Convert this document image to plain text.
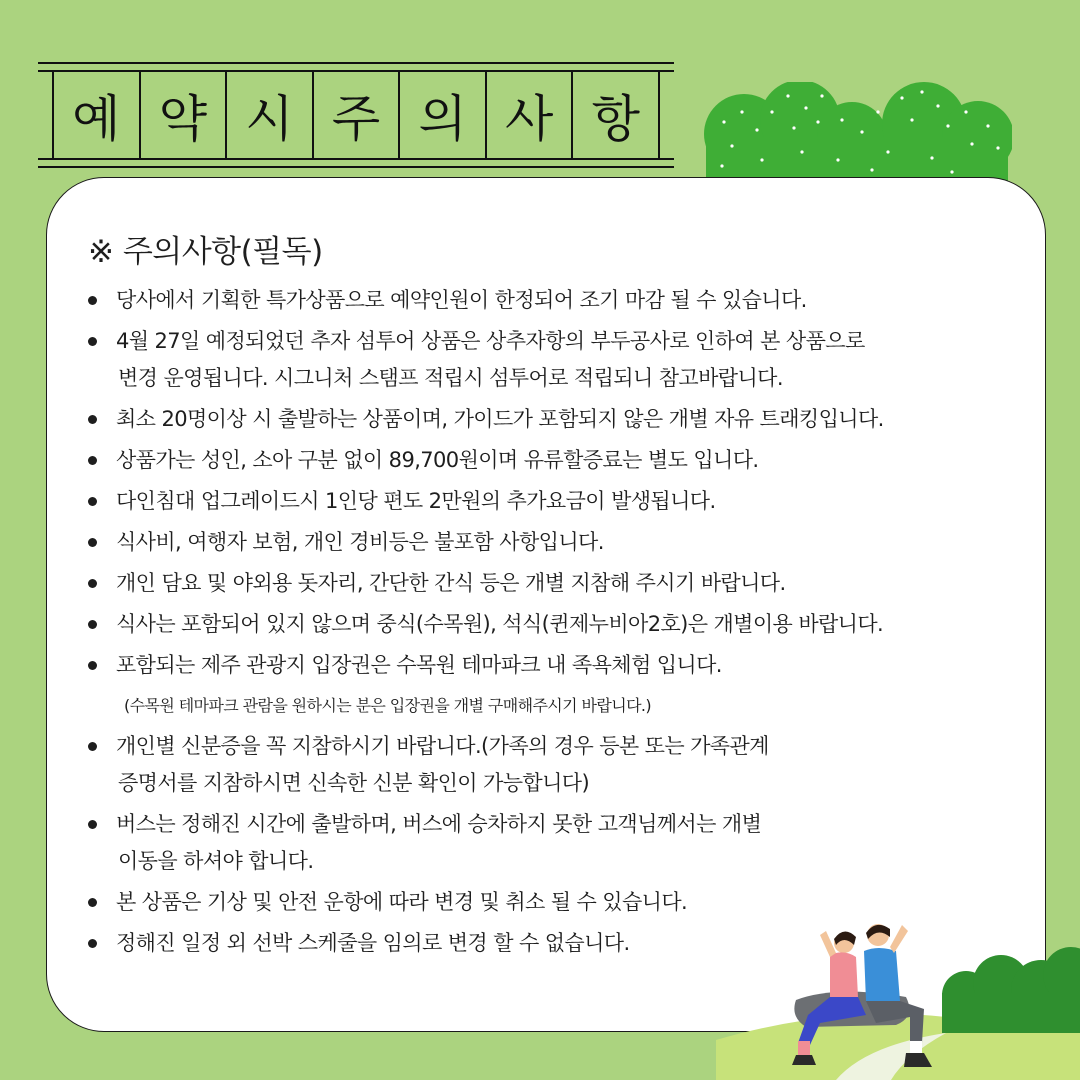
예 약 시 주 의 사 항
※ 주의사항(필독)
당사에서 기획한 특가상품으로 예약인원이 한정되어 조기 마감 될 수 있습니다.
4월 27일 예정되었던 추자 섬투어 상품은 상추자항의 부두공사로 인하여 본 상품으로
변경 운영됩니다. 시그니처 스탬프 적립시 섬투어로 적립되니 참고바랍니다.
최소 20명이상 시 출발하는 상품이며, 가이드가 포함되지 않은 개별 자유 트래킹입니다.
상품가는 성인, 소아 구분 없이 89,700원이며 유류할증료는 별도 입니다.
다인침대 업그레이드시 1인당 편도 2만원의 추가요금이 발생됩니다.
식사비, 여행자 보험, 개인 경비등은 불포함 사항입니다.
개인 담요 및 야외용 돗자리, 간단한 간식 등은 개별 지참해 주시기 바랍니다.
식사는 포함되어 있지 않으며 중식(수목원), 석식(퀸제누비아2호)은 개별이용 바랍니다.
포함되는 제주 관광지 입장권은 수목원 테마파크 내 족욕체험 입니다.
(수목원 테마파크 관람을 원하시는 분은 입장권을 개별 구매해주시기 바랍니다.)
개인별 신분증을 꼭 지참하시기 바랍니다.(가족의 경우 등본 또는 가족관계
증명서를 지참하시면 신속한 신분 확인이 가능합니다)
버스는 정해진 시간에 출발하며, 버스에 승차하지 못한 고객님께서는 개별
이동을 하셔야 합니다.
본 상품은 기상 및 안전 운항에 따라 변경 및 취소 될 수 있습니다.
정해진 일정 외 선박 스케줄을 임의로 변경 할 수 없습니다.
